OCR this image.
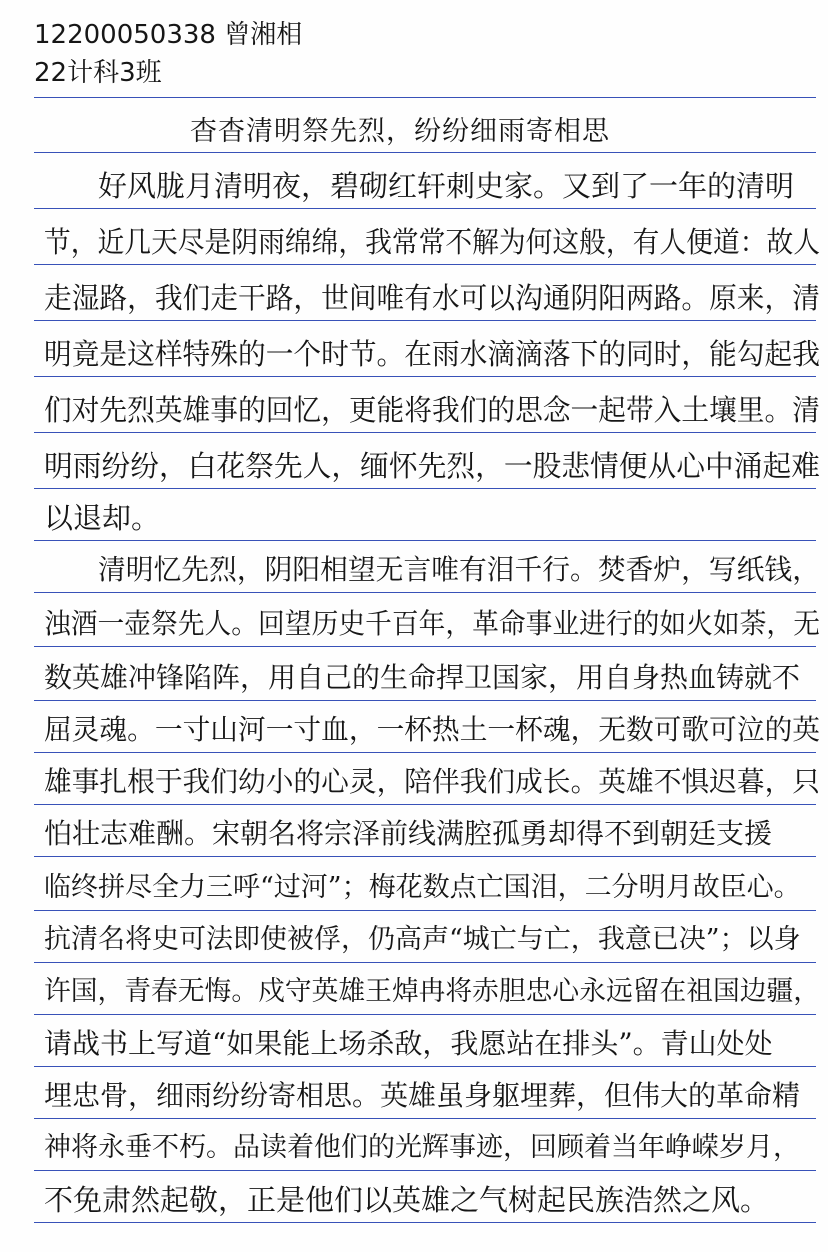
12200050338 曾湘相
22计科3班
杳杳清明祭先烈，纷纷细雨寄相思
好风胧月清明夜，碧砌红轩刺史家。又到了一年的清明
节，近几天尽是阴雨绵绵，我常常不解为何这般，有人便道：故人
走湿路，我们走干路，世间唯有水可以沟通阴阳两路。原来，清
明竟是这样特殊的一个时节。在雨水滴滴落下的同时，能勾起我
们对先烈英雄事的回忆，更能将我们的思念一起带入土壤里。清
明雨纷纷，白花祭先人，缅怀先烈，一股悲情便从心中涌起难
以退却。
清明忆先烈，阴阳相望无言唯有泪千行。焚香炉，写纸钱，
浊酒一壶祭先人。回望历史千百年，革命事业进行的如火如荼，无
数英雄冲锋陷阵，用自己的生命捍卫国家，用自身热血铸就不
屈灵魂。一寸山河一寸血，一杯热土一杯魂，无数可歌可泣的英
雄事扎根于我们幼小的心灵，陪伴我们成长。英雄不惧迟暮，只
怕壮志难酬。宋朝名将宗泽前线满腔孤勇却得不到朝廷支援
临终拼尽全力三呼“过河”；梅花数点亡国泪，二分明月故臣心。
抗清名将史可法即使被俘，仍高声“城亡与亡，我意已决”；以身
许国，青春无悔。戍守英雄王焯冉将赤胆忠心永远留在祖国边疆，
请战书上写道“如果能上场杀敌，我愿站在排头”。青山处处
埋忠骨，细雨纷纷寄相思。英雄虽身躯埋葬，但伟大的革命精
神将永垂不朽。品读着他们的光辉事迹，回顾着当年峥嵘岁月，
不免肃然起敬，正是他们以英雄之气树起民族浩然之风。
